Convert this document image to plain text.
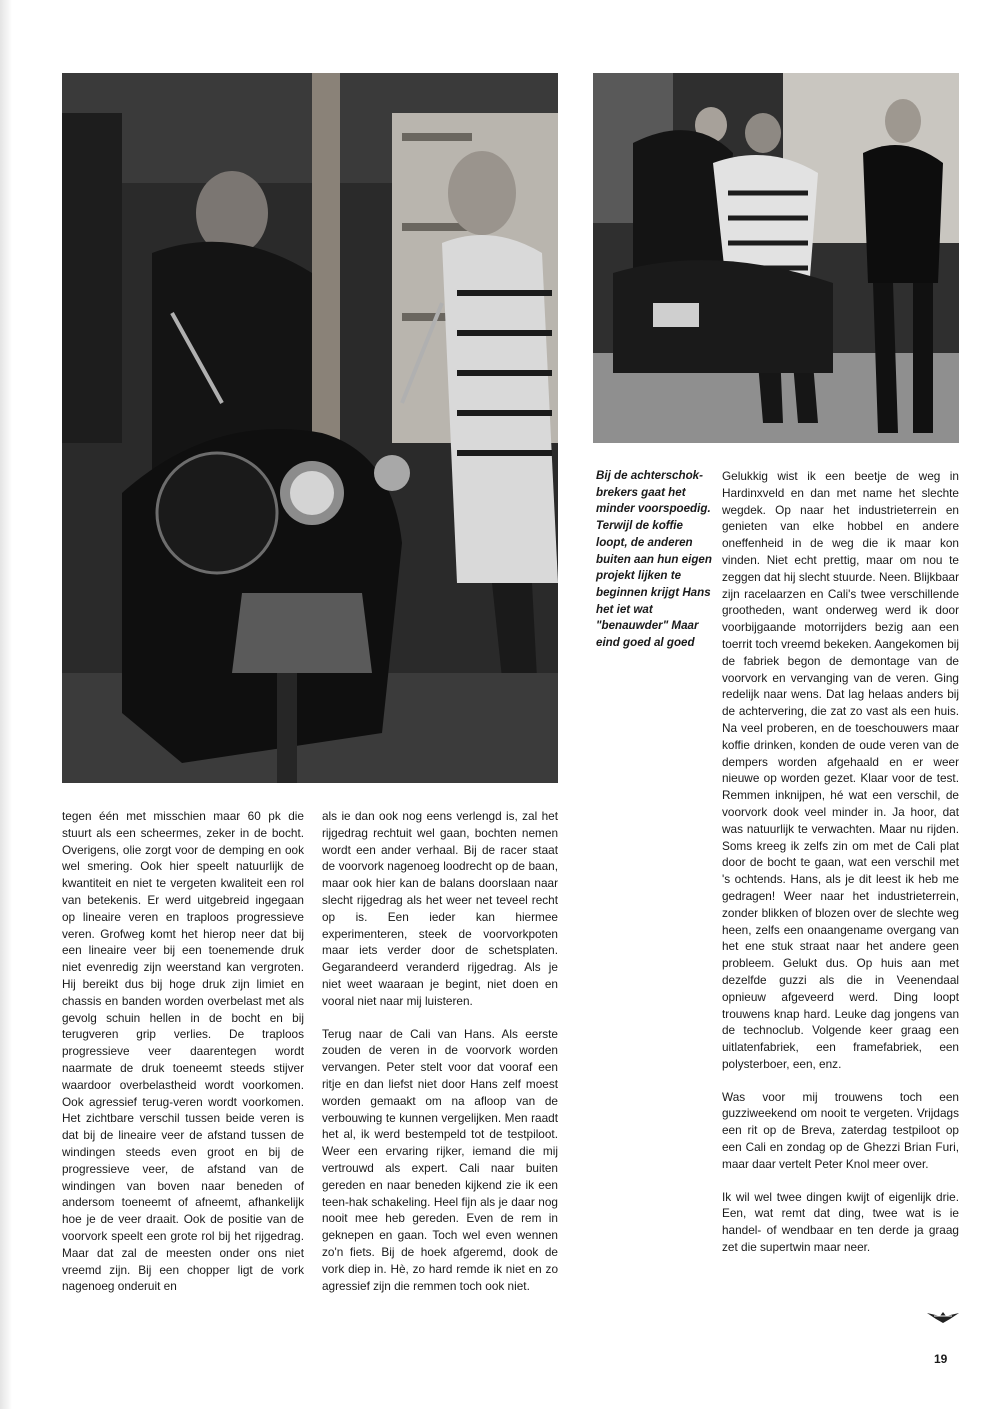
Bij de achterschok-brekers gaat het minder voorspoedig. Terwijl de koffie loopt, de anderen buiten aan hun eigen projekt lijken te beginnen krijgt Hans het iet wat "benauwder" Maar eind goed al goed

tegen één met misschien maar 60 pk die stuurt als een scheermes, zeker in de bocht. Overigens, olie zorgt voor de demping en ook wel smering. Ook hier speelt natuurlijk de kwantiteit en niet te vergeten kwaliteit een rol van betekenis. Er werd uitgebreid ingegaan op lineaire veren en traploos progressieve veren. Grofweg komt het hierop neer dat bij een lineaire veer bij een toenemende druk niet evenredig zijn weerstand kan vergroten. Hij bereikt dus bij hoge druk zijn limiet en chassis en banden worden overbelast met als gevolg schuin hellen in de bocht en bij terugveren grip verlies. De traploos progressieve veer daarentegen wordt naarmate de druk toeneemt steeds stijver waardoor overbelastheid wordt voorkomen. Ook agressief terug-veren wordt voorkomen. Het zichtbare verschil tussen beide veren is dat bij de lineaire veer de afstand tussen de windingen steeds even groot en bij de progressieve veer, de afstand van de windingen van boven naar beneden of andersom toeneemt of afneemt, afhankelijk hoe je de veer draait. Ook de positie van de voorvork speelt een grote rol bij het rijgedrag. Maar dat zal de meesten onder ons niet vreemd zijn. Bij een chopper ligt de vork nagenoeg onderuit en

als ie dan ook nog eens verlengd is, zal het rijgedrag rechtuit wel gaan, bochten nemen wordt een ander verhaal. Bij de racer staat de voorvork nagenoeg loodrecht op de baan, maar ook hier kan de balans doorslaan naar slecht rijgedrag als het weer net teveel recht op is. Een ieder kan hiermee experimenteren, steek de voorvorkpoten maar iets verder door de schetsplaten. Gegarandeerd veranderd rijgedrag. Als je niet weet waaraan je begint, niet doen en vooral niet naar mij luisteren.

Terug naar de Cali van Hans. Als eerste zouden de veren in de voorvork worden vervangen. Peter stelt voor dat vooraf een ritje en dan liefst niet door Hans zelf moest worden gemaakt om na afloop van de verbouwing te kunnen vergelijken. Men raadt het al, ik werd bestempeld tot de testpiloot. Weer een ervaring rijker, iemand die mij vertrouwd als expert. Cali naar buiten gereden en naar beneden kijkend zie ik een teen-hak schakeling. Heel fijn als je daar nog nooit mee heb gereden. Even de rem in geknepen en gaan. Toch wel even wennen zo'n fiets. Bij de hoek afgeremd, dook de vork diep in. Hè, zo hard remde ik niet en zo agressief zijn die remmen toch ook niet.

Gelukkig wist ik een beetje de weg in Hardinxveld en dan met name het slechte wegdek. Op naar het industrieterrein en genieten van elke hobbel en andere oneffenheid in de weg die ik maar kon vinden. Niet echt prettig, maar om nou te zeggen dat hij slecht stuurde. Neen. Blijkbaar zijn racelaarzen en Cali's twee verschillende grootheden, want onderweg werd ik door voorbijgaande motorrijders bezig aan een toerrit toch vreemd bekeken. Aangekomen bij de fabriek begon de demontage van de voorvork en vervanging van de veren. Ging redelijk naar wens. Dat lag helaas anders bij de achtervering, die zat zo vast als een huis. Na veel proberen, en de toeschouwers maar koffie drinken, konden de oude veren van de dempers worden afgehaald en er weer nieuwe op worden gezet. Klaar voor de test. Remmen inknijpen, hé wat een verschil, de voorvork dook veel minder in. Ja hoor, dat was natuurlijk te verwachten. Maar nu rijden. Soms kreeg ik zelfs zin om met de Cali plat door de bocht te gaan, wat een verschil met 's ochtends. Hans, als je dit leest ik heb me gedragen! Weer naar het industrieterrein, zonder blikken of blozen over de slechte weg heen, zelfs een onaangename overgang van het ene stuk straat naar het andere geen probleem. Gelukt dus. Op huis aan met dezelfde guzzi als die in Veenendaal opnieuw afgeveerd werd. Ding loopt trouwens knap hard. Leuke dag jongens van de technoclub. Volgende keer graag een uitlatenfabriek, een framefabriek, een polysterboer, een, enz.

Was voor mij trouwens toch een guzziweekend om nooit te vergeten. Vrijdags een rit op de Breva, zaterdag testpiloot op een Cali en zondag op de Ghezzi Brian Furi, maar daar vertelt Peter Knol meer over.

Ik wil wel twee dingen kwijt of eigenlijk drie. Een, wat remt dat ding, twee wat is ie handel- of wendbaar en ten derde ja graag zet die supertwin maar neer.

19
